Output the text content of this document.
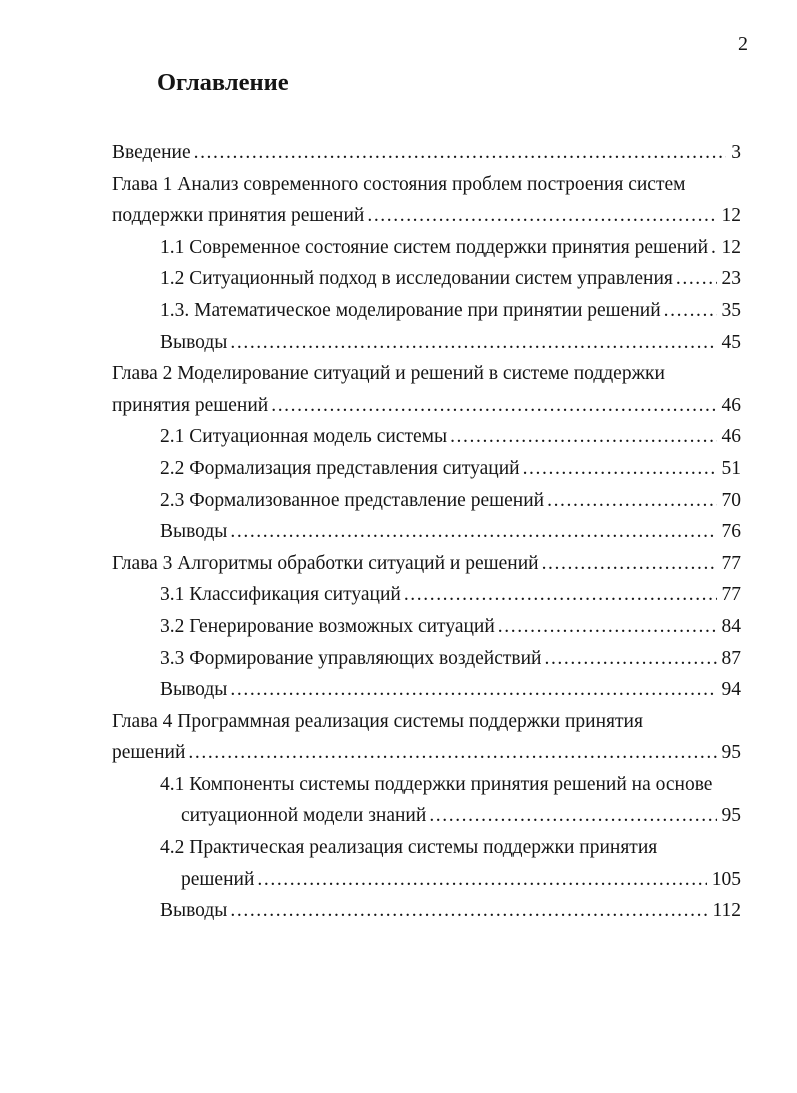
2
Оглавление
Введение .....	3
Глава 1 Анализ современного состояния проблем построения систем
поддержки принятия решений .....	12
1.1 Современное состояние систем поддержки принятия решений ..... 12
1.2 Ситуационный подход в исследовании систем управления ..... 23
1.3. Математическое моделирование при принятии решений .....	35
Выводы .....	45
Глава 2 Моделирование ситуаций и решений в системе поддержки
принятия решений .....	46
2.1 Ситуационная модель системы .....	46
2.2 Формализация представления ситуаций .....	51
2.3 Формализованное представление решений .....	70
Выводы .....	76
Глава 3 Алгоритмы обработки ситуаций и решений .....	77
3.1 Классификация ситуаций .....	77
3.2 Генерирование возможных ситуаций .....	84
3.3 Формирование управляющих воздействий .....	87
Выводы .....	94
Глава 4 Программная реализация системы поддержки принятия
решений .....	95
4.1 Компоненты системы поддержки принятия решений на основе
ситуационной модели знаний .....	95
4.2 Практическая реализация системы поддержки принятия
решений .....	105
Выводы .....	112
